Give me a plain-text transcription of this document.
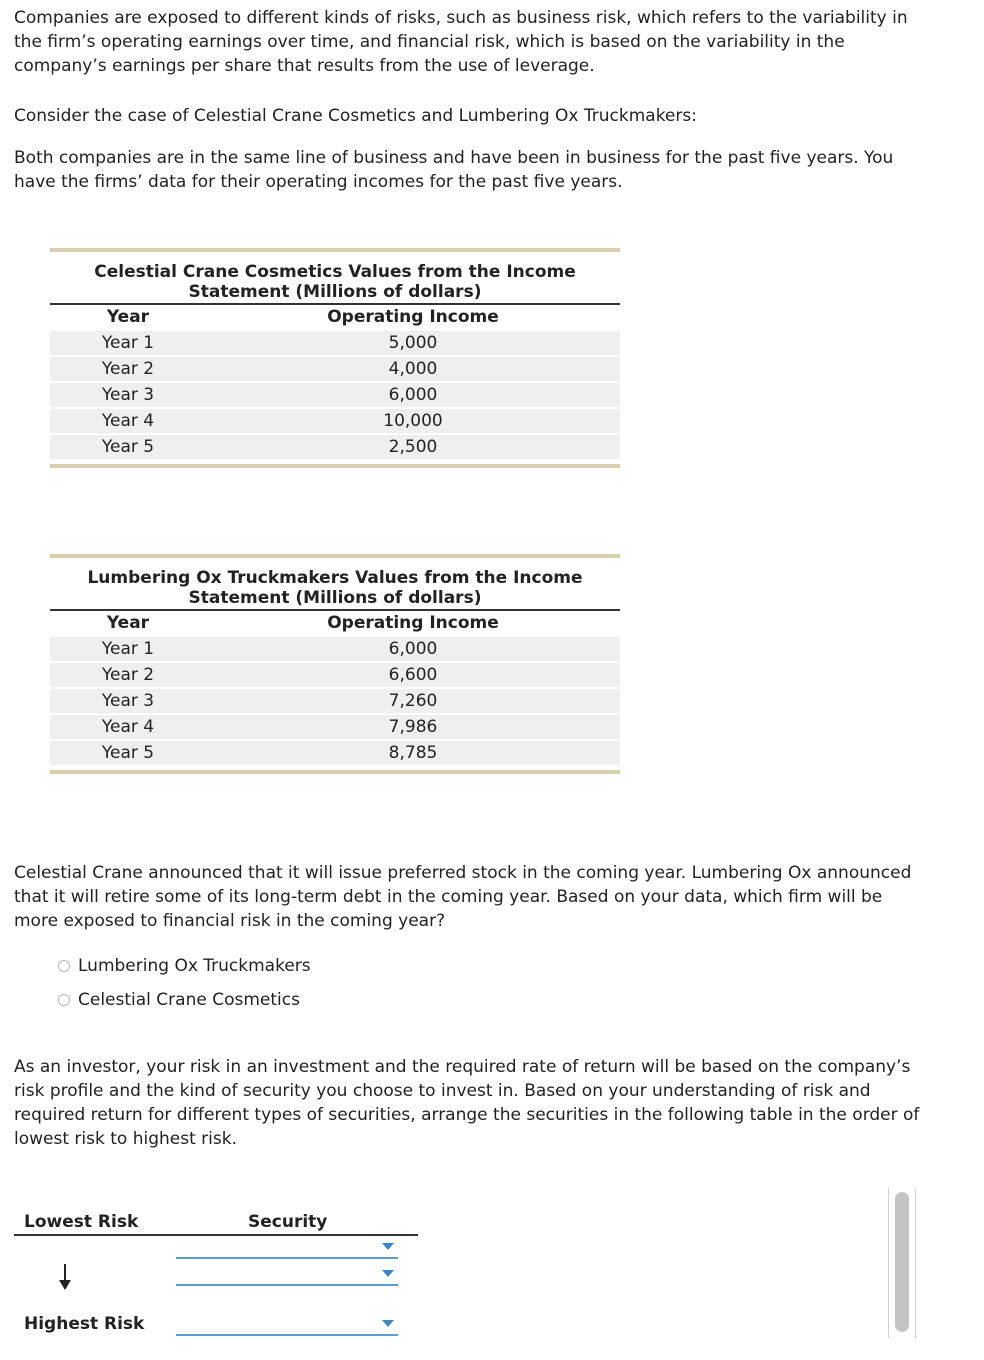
Companies are exposed to different kinds of risks, such as business risk, which refers to the variability in the firm’s operating earnings over time, and financial risk, which is based on the variability in the company’s earnings per share that results from the use of leverage.

Consider the case of Celestial Crane Cosmetics and Lumbering Ox Truckmakers:

Both companies are in the same line of business and have been in business for the past five years. You have the firms’ data for their operating incomes for the past five years.

Celestial Crane Cosmetics Values from the Income Statement (Millions of dollars)
Year	Operating Income
Year 1	5,000
Year 2	4,000
Year 3	6,000
Year 4	10,000
Year 5	2,500
Lumbering Ox Truckmakers Values from the Income Statement (Millions of dollars)
Year	Operating Income
Year 1	6,000
Year 2	6,600
Year 3	7,260
Year 4	7,986
Year 5	8,785

Celestial Crane announced that it will issue preferred stock in the coming year. Lumbering Ox announced that it will retire some of its long-term debt in the coming year. Based on your data, which firm will be more exposed to financial risk in the coming year?

Lumbering Ox Truckmakers
Celestial Crane Cosmetics

As an investor, your risk in an investment and the required rate of return will be based on the company’s risk profile and the kind of security you choose to invest in. Based on your understanding of risk and required return for different types of securities, arrange the securities in the following table in the order of lowest risk to highest risk.

Lowest Risk	Security
Highest Risk
